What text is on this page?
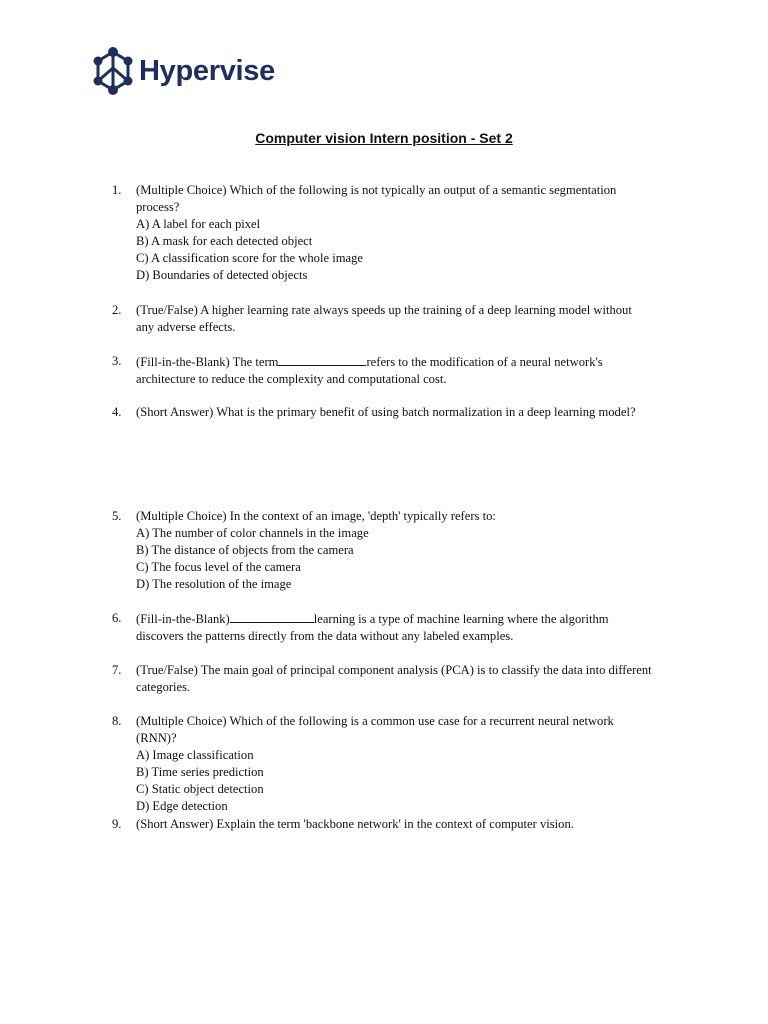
Hypervise
Computer vision Intern position - Set 2
1. (Multiple Choice) Which of the following is not typically an output of a semantic segmentation process?
A) A label for each pixel
B) A mask for each detected object
C) A classification score for the whole image
D) Boundaries of detected objects
2. (True/False) A higher learning rate always speeds up the training of a deep learning model without any adverse effects.
3. (Fill-in-the-Blank) The term	refers to the modification of a neural network's architecture to reduce the complexity and computational cost.
4. (Short Answer) What is the primary benefit of using batch normalization in a deep learning model?
5. (Multiple Choice) In the context of an image, 'depth' typically refers to:
A) The number of color channels in the image
B) The distance of objects from the camera
C) The focus level of the camera
D) The resolution of the image
6. (Fill-in-the-Blank)	learning is a type of machine learning where the algorithm discovers the patterns directly from the data without any labeled examples.
7. (True/False) The main goal of principal component analysis (PCA) is to classify the data into different categories.
8. (Multiple Choice) Which of the following is a common use case for a recurrent neural network (RNN)?
A) Image classification
B) Time series prediction
C) Static object detection
D) Edge detection
9. (Short Answer) Explain the term 'backbone network' in the context of computer vision.
